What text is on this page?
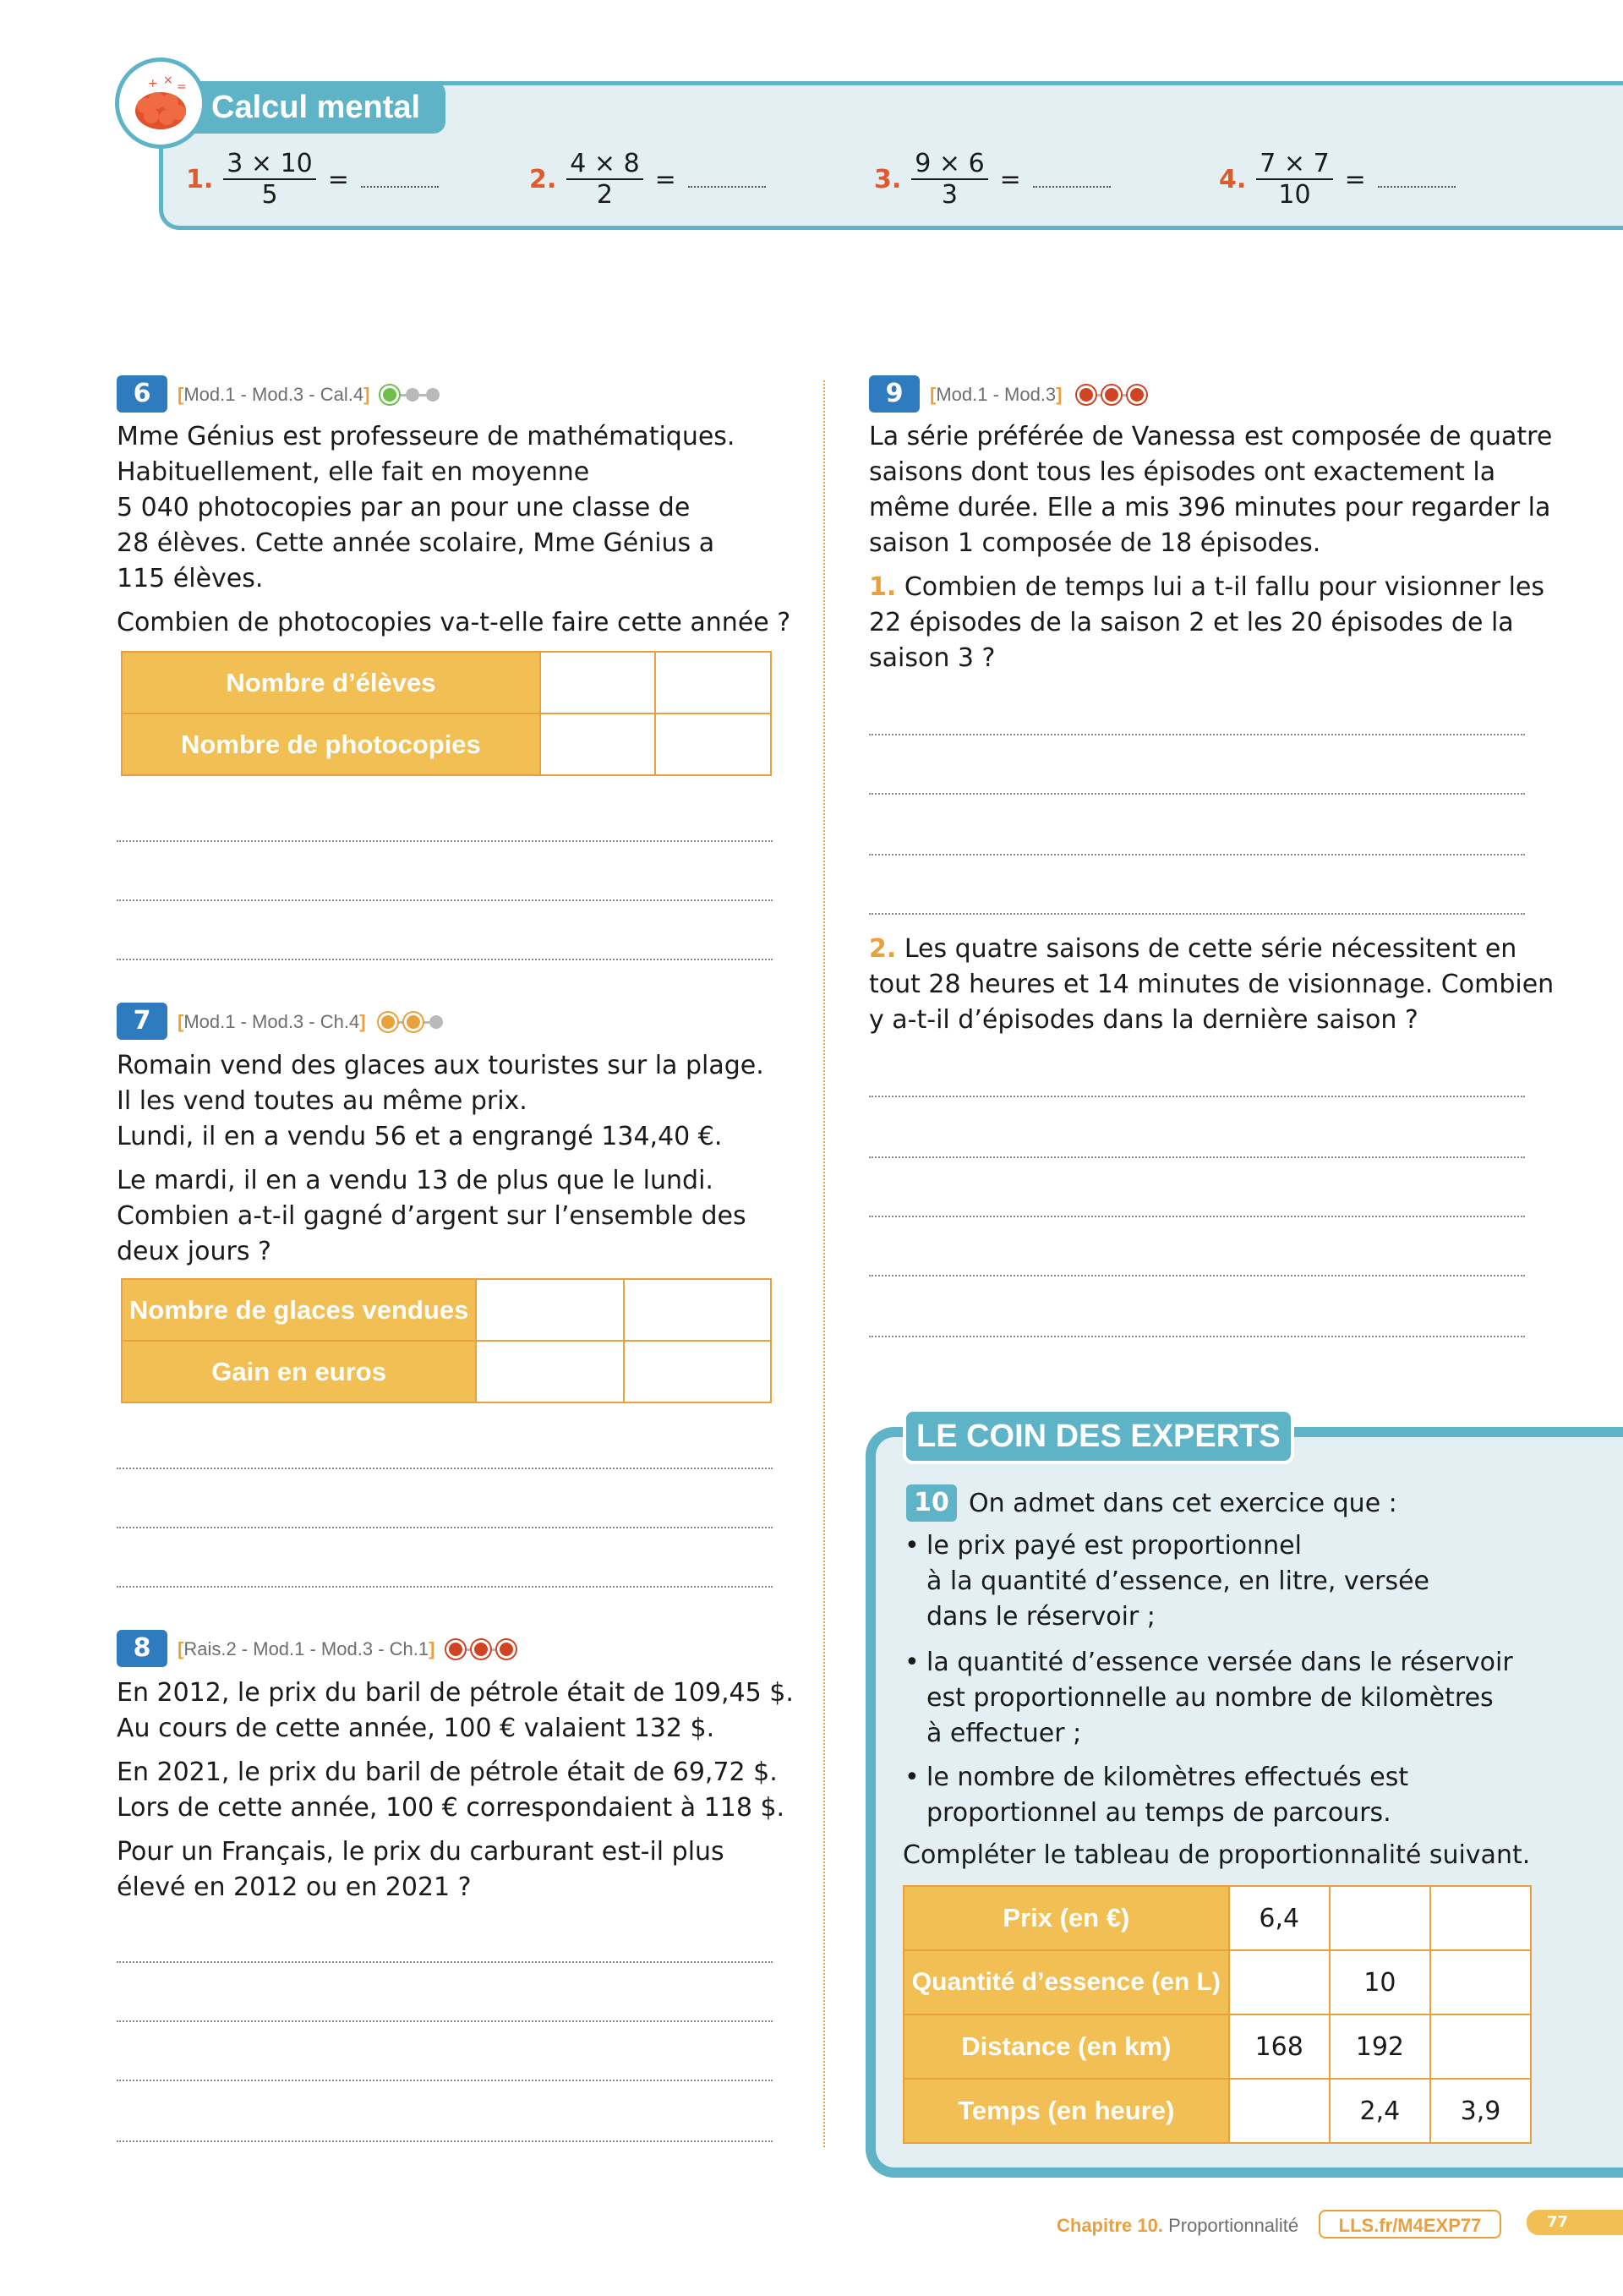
+ × =
Calcul mental
1. $\frac{3 \times 10}{5}$ =	2. $\frac{4 \times 8}{2}$ =	3. $\frac{9 \times 6}{3}$ =	4. $\frac{7 \times 7}{10}$ =
6	[Mod.1 - Mod.3 - Cal.4]

Mme Génius est professeure de mathématiques.

Habituellement, elle fait en moyenne

5 040 photocopies par an pour une classe de

28 élèves. Cette année scolaire, Mme Génius a

115 élèves.

Combien de photocopies va-t-elle faire cette année ?

Nombre d’élèves		
Nombre de photocopies		
7	[Mod.1 - Mod.3 - Ch.4]

Romain vend des glaces aux touristes sur la plage.

Il les vend toutes au même prix.

Lundi, il en a vendu 56 et a engrangé 134,40 €.

Le mardi, il en a vendu 13 de plus que le lundi.

Combien a-t-il gagné d’argent sur l’ensemble des

deux jours ?

Nombre de glaces vendues		
Gain en euros		
8	[Rais.2 - Mod.1 - Mod.3 - Ch.1]

En 2012, le prix du baril de pétrole était de 109,45 $.

Au cours de cette année, 100 € valaient 132 $.

En 2021, le prix du baril de pétrole était de 69,72 $.

Lors de cette année, 100 € correspondaient à 118 $.

Pour un Français, le prix du carburant est-il plus

élevé en 2012 ou en 2021 ?

9	[Mod.1 - Mod.3]

La série préférée de Vanessa est composée de quatre

saisons dont tous les épisodes ont exactement la

même durée. Elle a mis 396 minutes pour regarder la

saison 1 composée de 18 épisodes.

1. Combien de temps lui a t-il fallu pour visionner les

22 épisodes de la saison 2 et les 20 épisodes de la

saison 3 ?

2. Les quatre saisons de cette série nécessitent en

tout 28 heures et 14 minutes de visionnage. Combien

y a-t-il d’épisodes dans la dernière saison ?

LE COIN DES EXPERTS
10 On admet dans cet exercice que :
• le prix payé est proportionnel
à la quantité d’essence, en litre, versée
dans le réservoir ;
• la quantité d’essence versée dans le réservoir
est proportionnelle au nombre de kilomètres
à effectuer ;
• le nombre de kilomètres effectués est
proportionnel au temps de parcours.
Compléter le tableau de proportionnalité suivant.
Prix (en €)	6,4		
Quantité d’essence (en L)		10	
Distance (en km)	168	192	
Temps (en heure)		2,4	3,9
Chapitre 10. Proportionnalité	LLS.fr/M4EXP77	77
